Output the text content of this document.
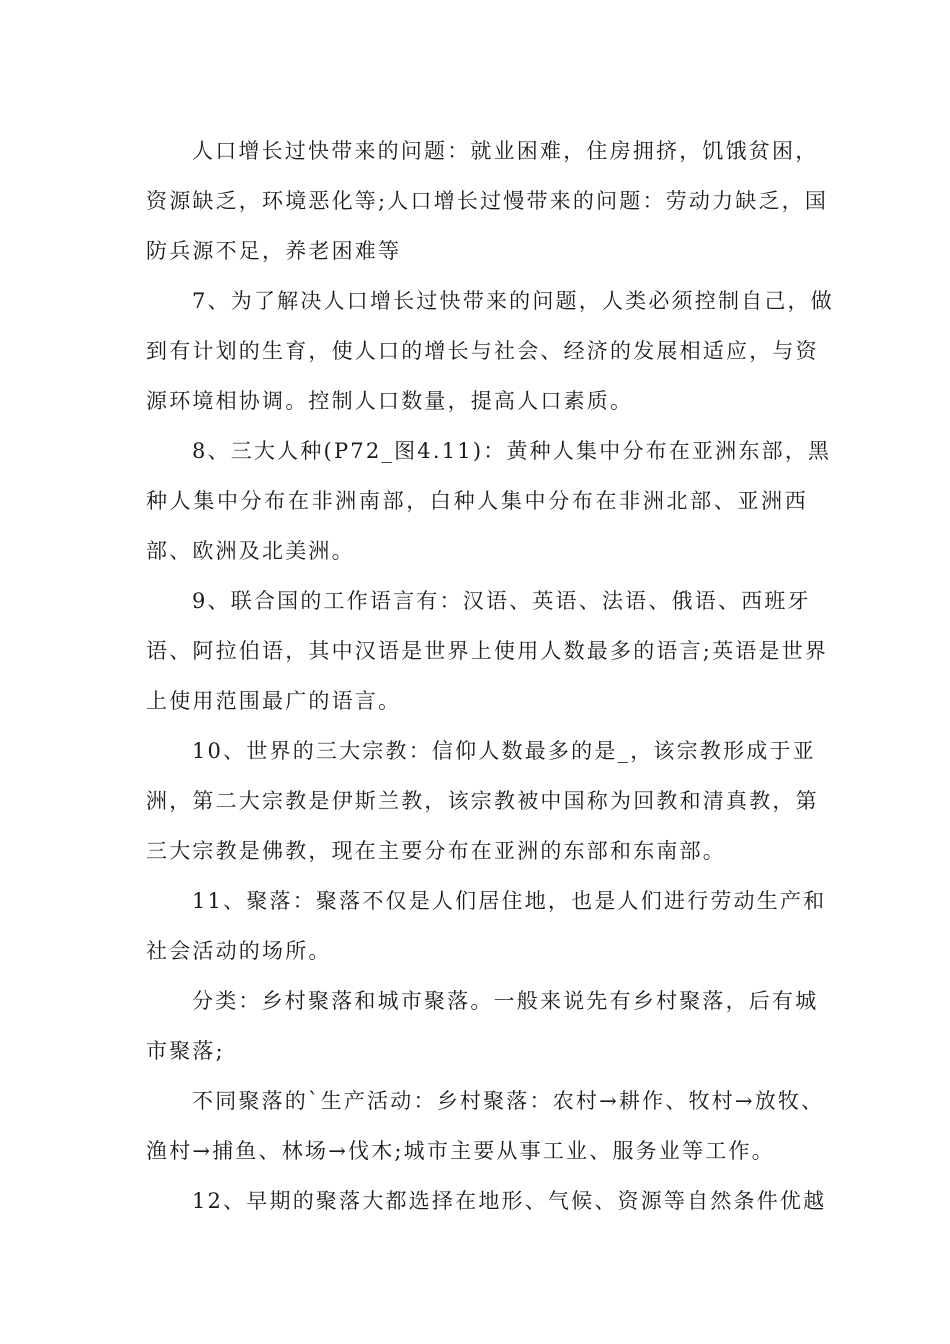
人口增长过快带来的问题：就业困难，住房拥挤，饥饿贫困，
资源缺乏，环境恶化等;人口增长过慢带来的问题：劳动力缺乏，国
防兵源不足，养老困难等
7、为了解决人口增长过快带来的问题，人类必须控制自己，做
到有计划的生育，使人口的增长与社会、经济的发展相适应，与资
源环境相协调。控制人口数量，提高人口素质。
8、三大人种(P72_图4.11)：黄种人集中分布在亚洲东部，黑
种人集中分布在非洲南部，白种人集中分布在非洲北部、亚洲西
部、欧洲及北美洲。
9、联合国的工作语言有：汉语、英语、法语、俄语、西班牙
语、阿拉伯语，其中汉语是世界上使用人数最多的语言;英语是世界
上使用范围最广的语言。
10、世界的三大宗教：信仰人数最多的是_，该宗教形成于亚
洲，第二大宗教是伊斯兰教，该宗教被中国称为回教和清真教，第
三大宗教是佛教，现在主要分布在亚洲的东部和东南部。
11、聚落：聚落不仅是人们居住地，也是人们进行劳动生产和
社会活动的场所。
分类：乡村聚落和城市聚落。一般来说先有乡村聚落，后有城
市聚落;
不同聚落的`生产活动：乡村聚落：农村→耕作、牧村→放牧、
渔村→捕鱼、林场→伐木;城市主要从事工业、服务业等工作。
12、早期的聚落大都选择在地形、气候、资源等自然条件优越
